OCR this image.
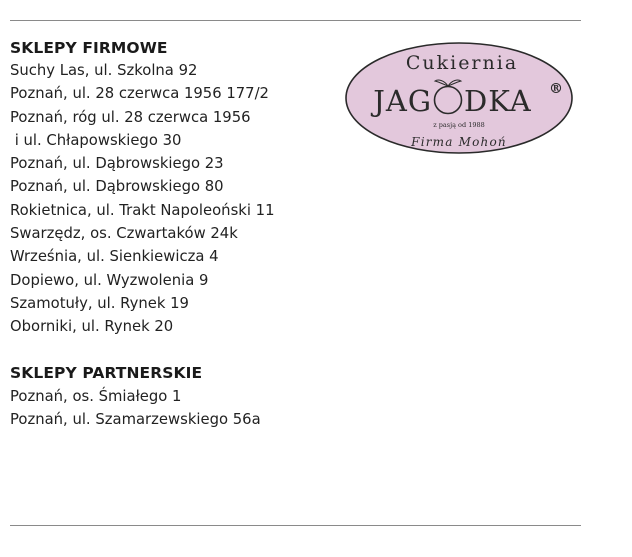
SKLEPY FIRMOWE
Suchy Las, ul. Szkolna 92
Poznań, ul. 28 czerwca 1956 177/2
Poznań, róg ul. 28 czerwca 1956
i ul. Chłapowskiego 30
Poznań, ul. Dąbrowskiego 23
Poznań, ul. Dąbrowskiego 80
Rokietnica, ul. Trakt Napoleoński 11
Swarzędz, os. Czwartaków 24k
Września, ul. Sienkiewicza 4
Dopiewo, ul. Wyzwolenia 9
Szamotuły, ul. Rynek 19
Oborniki, ul. Rynek 20
SKLEPY PARTNERSKIE
Poznań, os. Śmiałego 1
Poznań, ul. Szamarzewskiego 56a
Cukiernia
JAG DKA ®
z pasją od 1988
Firma Mohoń
